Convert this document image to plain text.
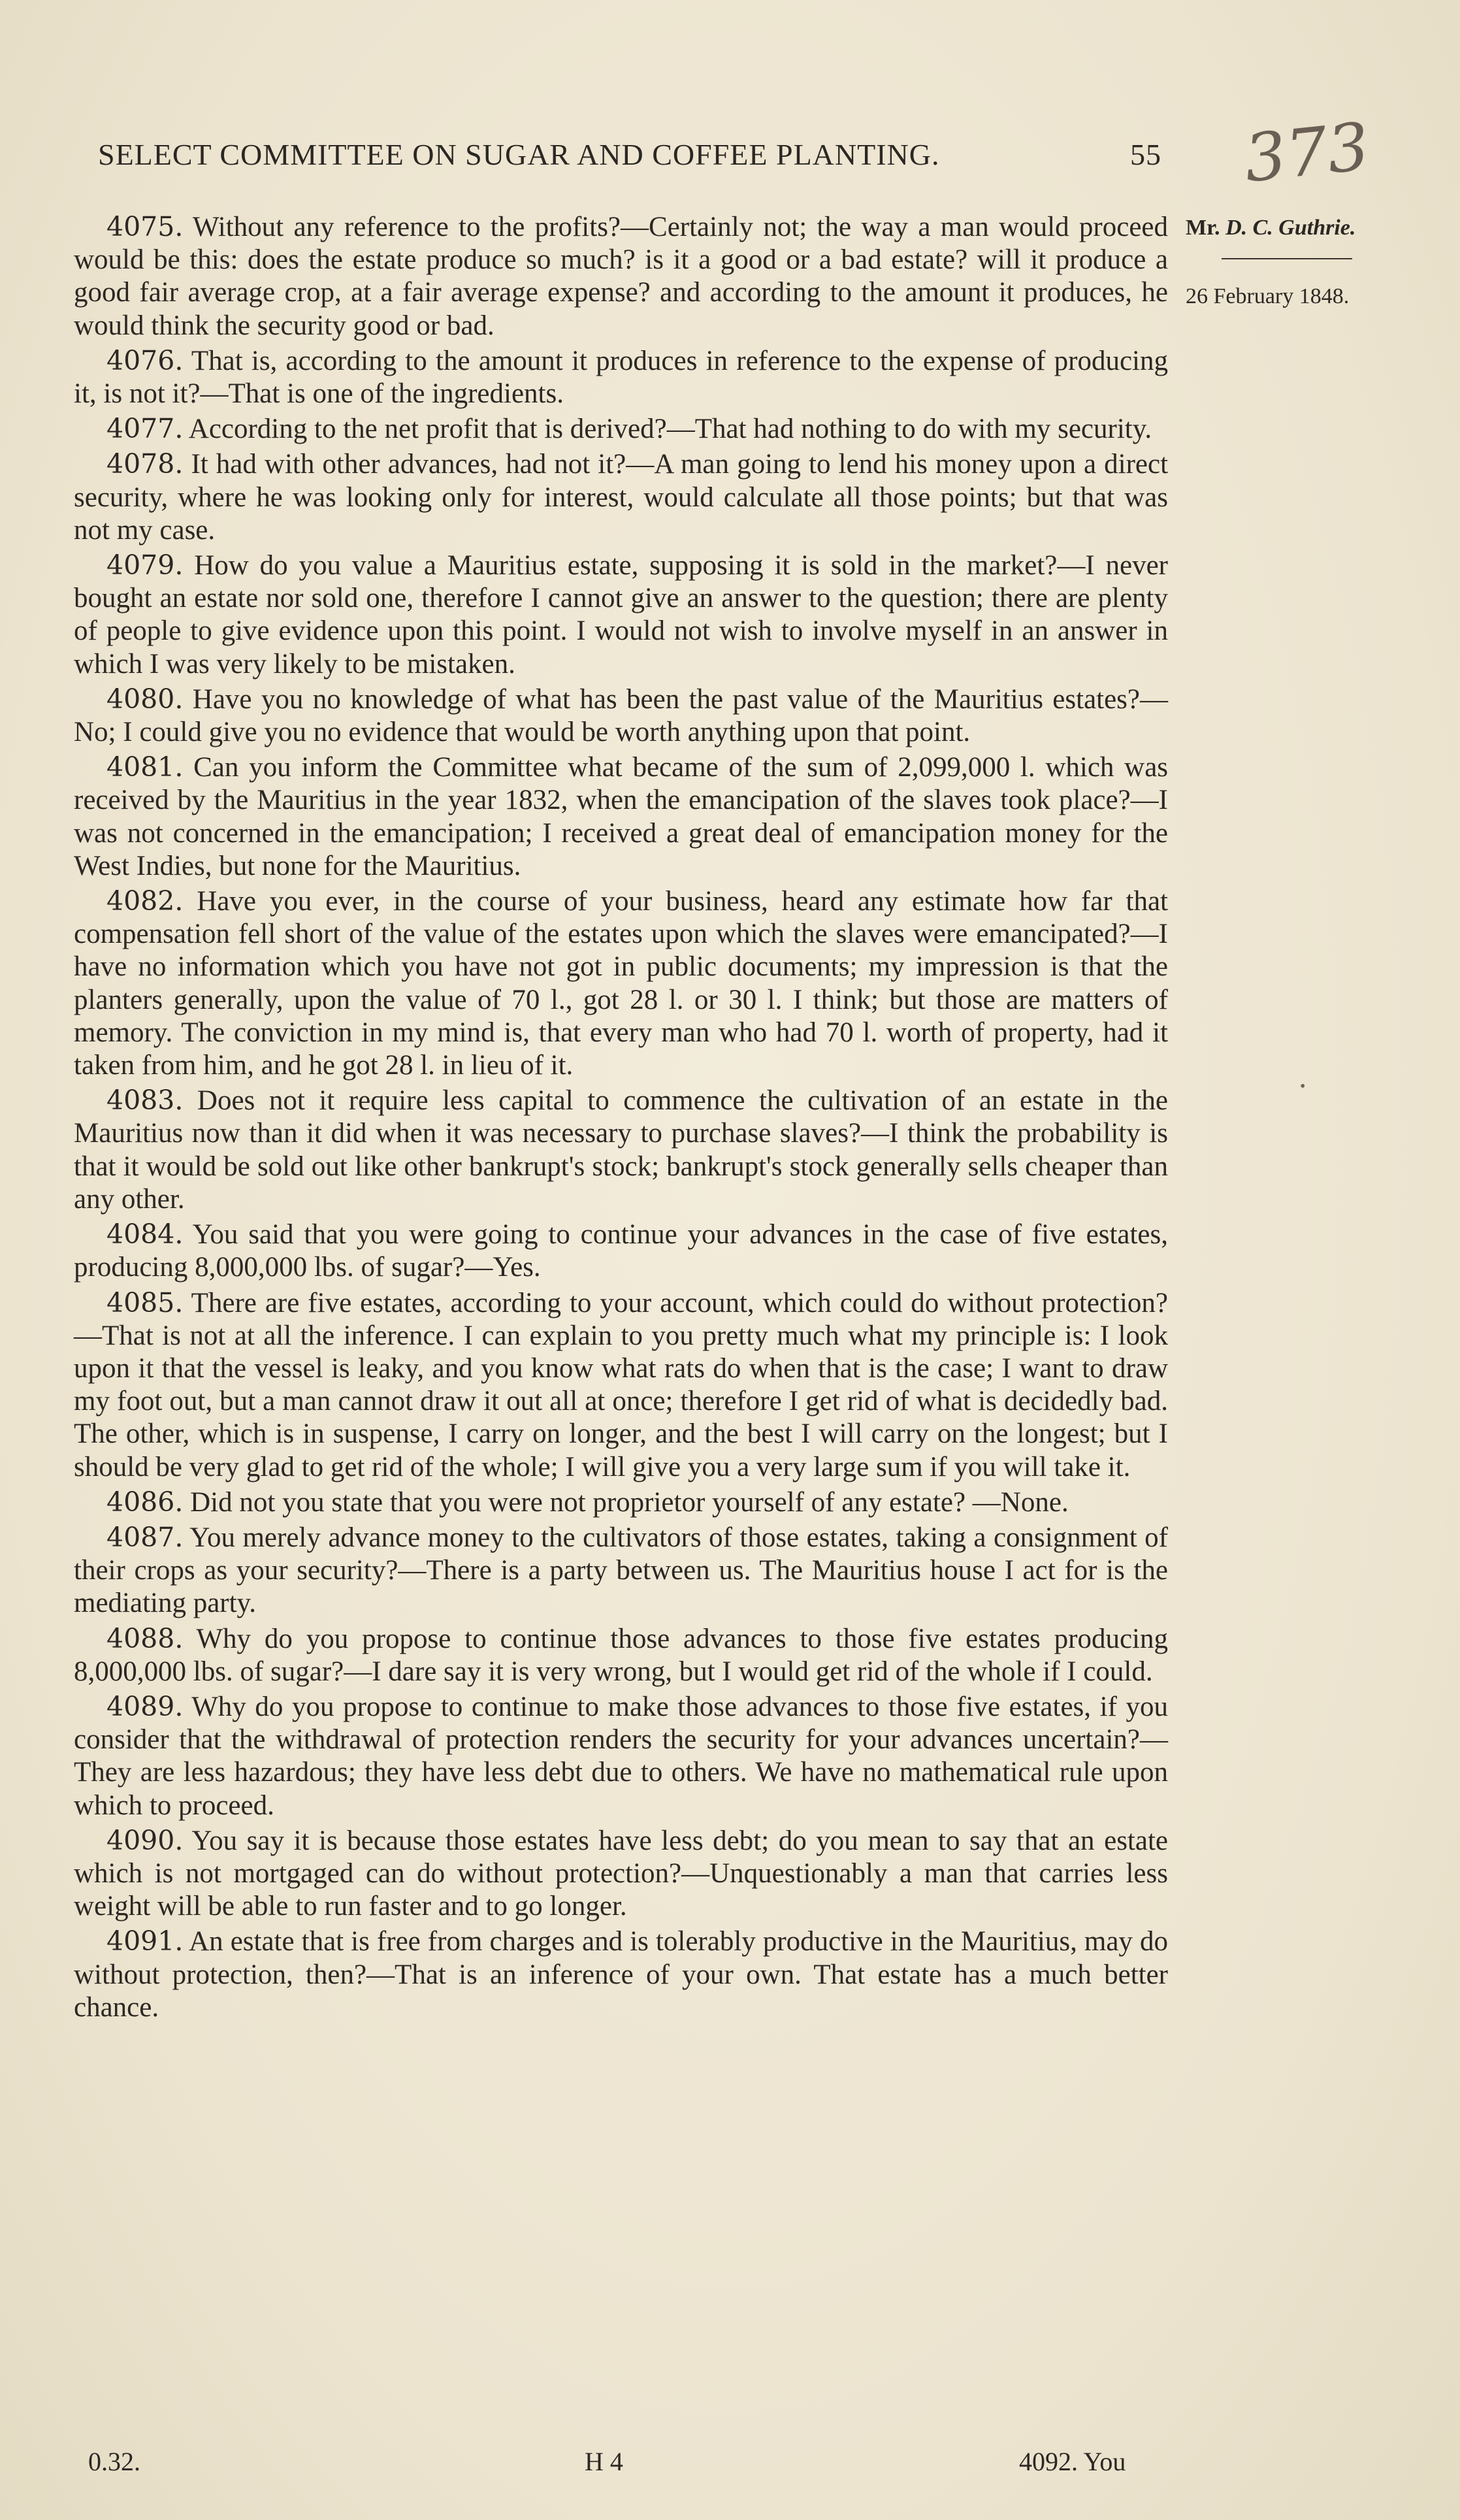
SELECT COMMITTEE ON SUGAR AND COFFEE PLANTING.	55 373
Mr. D. C. Guthrie.
26 February 1848.

4075. Without any reference to the profits?—Certainly not; the way a man would proceed would be this: does the estate produce so much? is it a good or a bad estate? will it produce a good fair average crop, at a fair average expense? and according to the amount it produces, he would think the security good or bad.

4076. That is, according to the amount it produces in reference to the expense of producing it, is not it?—That is one of the ingredients.

4077. According to the net profit that is derived?—That had nothing to do with my security.

4078. It had with other advances, had not it?—A man going to lend his money upon a direct security, where he was looking only for interest, would calculate all those points; but that was not my case.

4079. How do you value a Mauritius estate, supposing it is sold in the market?—I never bought an estate nor sold one, therefore I cannot give an answer to the question; there are plenty of people to give evidence upon this point. I would not wish to involve myself in an answer in which I was very likely to be mistaken.

4080. Have you no knowledge of what has been the past value of the Mauritius estates?—No; I could give you no evidence that would be worth anything upon that point.

4081. Can you inform the Committee what became of the sum of 2,099,000 l. which was received by the Mauritius in the year 1832, when the emancipation of the slaves took place?—I was not concerned in the emancipation; I received a great deal of emancipation money for the West Indies, but none for the Mauritius.

4082. Have you ever, in the course of your business, heard any estimate how far that compensation fell short of the value of the estates upon which the slaves were emancipated?—I have no information which you have not got in public documents; my impression is that the planters generally, upon the value of 70 l., got 28 l. or 30 l. I think; but those are matters of memory. The conviction in my mind is, that every man who had 70 l. worth of property, had it taken from him, and he got 28 l. in lieu of it.

4083. Does not it require less capital to commence the cultivation of an estate in the Mauritius now than it did when it was necessary to purchase slaves?—I think the probability is that it would be sold out like other bankrupt's stock; bankrupt's stock generally sells cheaper than any other.

4084. You said that you were going to continue your advances in the case of five estates, producing 8,000,000 lbs. of sugar?—Yes.

4085. There are five estates, according to your account, which could do without protection?—That is not at all the inference. I can explain to you pretty much what my principle is: I look upon it that the vessel is leaky, and you know what rats do when that is the case; I want to draw my foot out, but a man cannot draw it out all at once; therefore I get rid of what is decidedly bad. The other, which is in suspense, I carry on longer, and the best I will carry on the longest; but I should be very glad to get rid of the whole; I will give you a very large sum if you will take it.

4086. Did not you state that you were not proprietor yourself of any estate? —None.

4087. You merely advance money to the cultivators of those estates, taking a consignment of their crops as your security?—There is a party between us. The Mauritius house I act for is the mediating party.

4088. Why do you propose to continue those advances to those five estates producing 8,000,000 lbs. of sugar?—I dare say it is very wrong, but I would get rid of the whole if I could.

4089. Why do you propose to continue to make those advances to those five estates, if you consider that the withdrawal of protection renders the security for your advances uncertain?—They are less hazardous; they have less debt due to others. We have no mathematical rule upon which to proceed.

4090. You say it is because those estates have less debt; do you mean to say that an estate which is not mortgaged can do without protection?—Unquestionably a man that carries less weight will be able to run faster and to go longer.

4091. An estate that is free from charges and is tolerably productive in the Mauritius, may do without protection, then?—That is an inference of your own. That estate has a much better chance.

•
0.32.	H 4	4092. You
